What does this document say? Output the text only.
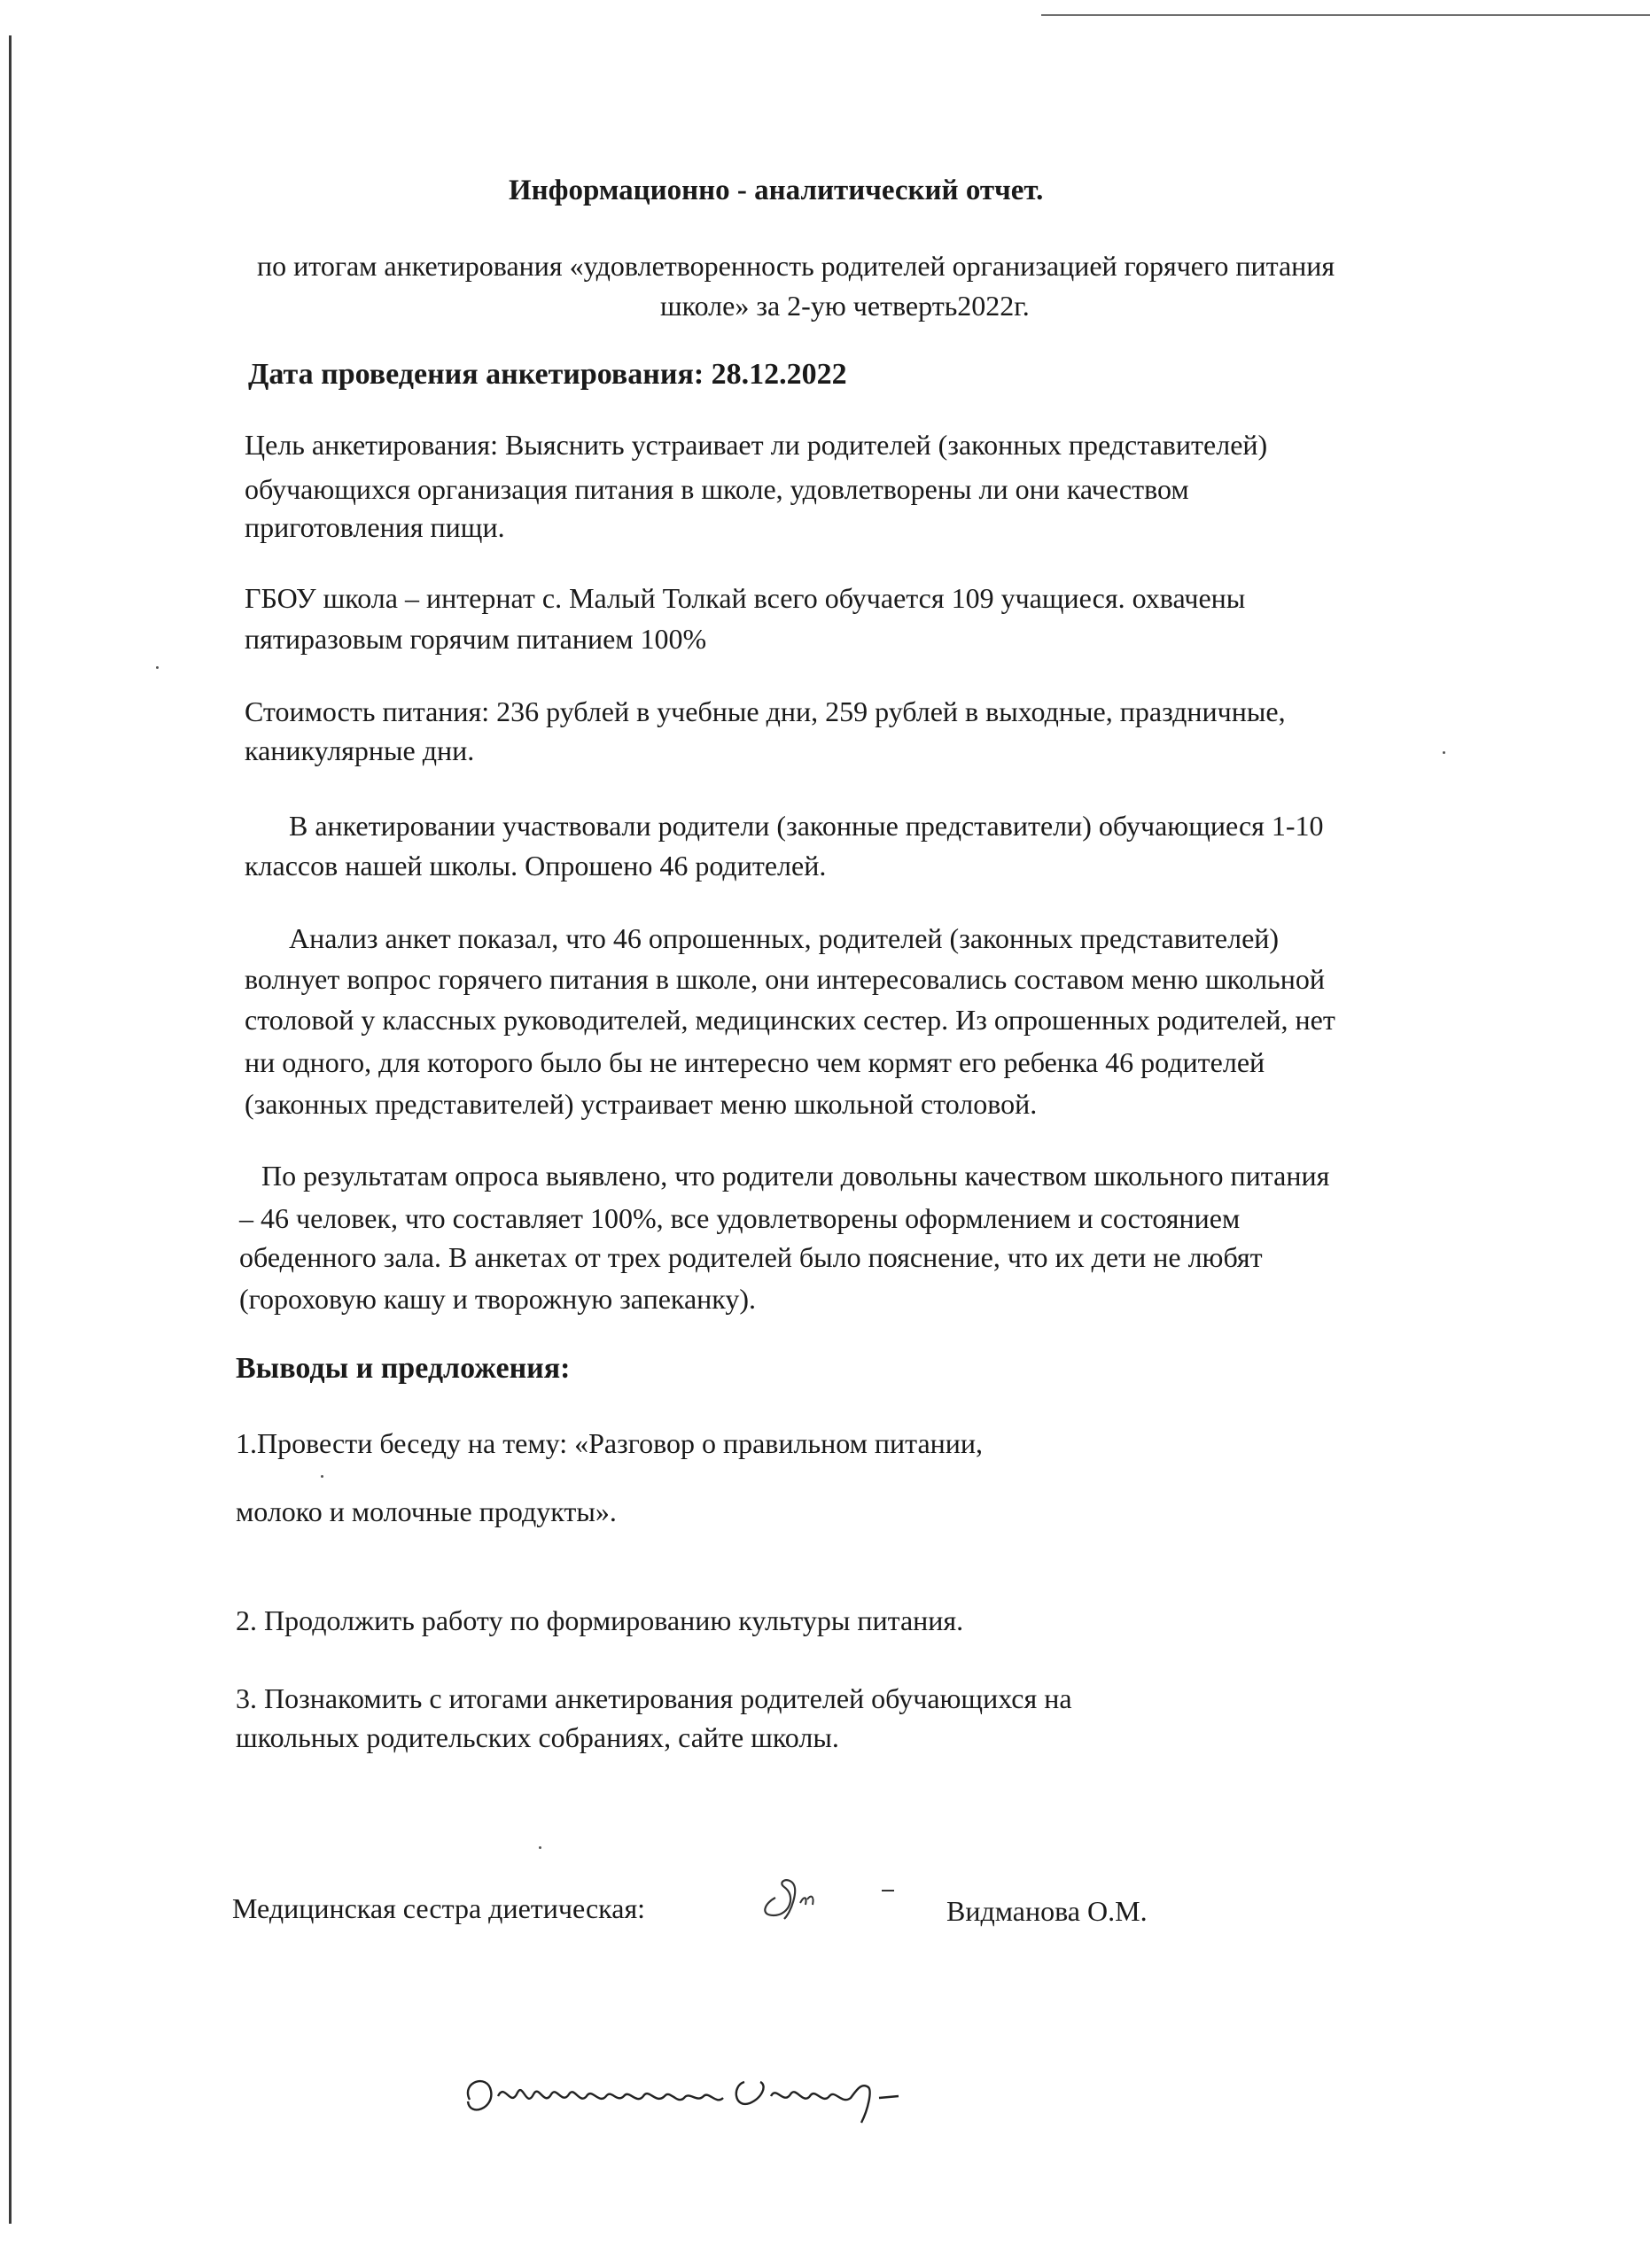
Информационно - аналитический отчет.

по итогам анкетирования «удовлетворенность родителей организацией горячего питания

школе» за 2-ую четверть2022г.

Дата проведения анкетирования: 28.12.2022

Цель анкетирования: Выяснить устраивает ли родителей (законных представителей)

обучающихся организация питания в школе, удовлетворены ли они качеством

приготовления пищи.

ГБОУ школа – интернат с. Малый Толкай всего обучается 109 учащиеся. охвачены

пятиразовым горячим питанием 100%

Стоимость питания: 236 рублей в учебные дни, 259 рублей в выходные, праздничные,

каникулярные дни.

В анкетировании участвовали родители (законные представители) обучающиеся 1-10

классов нашей школы. Опрошено 46 родителей.

Анализ анкет показал, что 46 опрошенных, родителей (законных представителей)

волнует вопрос горячего питания в школе, они интересовались составом меню школьной

столовой у классных руководителей, медицинских сестер. Из опрошенных родителей, нет

ни одного, для которого было бы не интересно чем кормят его ребенка 46 родителей

(законных представителей) устраивает меню школьной столовой.

По результатам опроса выявлено, что родители довольны качеством школьного питания

– 46 человек, что составляет 100%, все удовлетворены оформлением и состоянием

обеденного зала. В анкетах от трех родителей было пояснение, что их дети не любят

(гороховую кашу и творожную запеканку).

Выводы и предложения:

1.Провести беседу на тему: «Разговор о правильном питании,

молоко и молочные продукты».

2. Продолжить работу по формированию культуры питания.

3. Познакомить с итогами анкетирования родителей обучающихся на

школьных родительских собраниях, сайте школы.

Медицинская сестра диетическая:	Видманова О.М.
